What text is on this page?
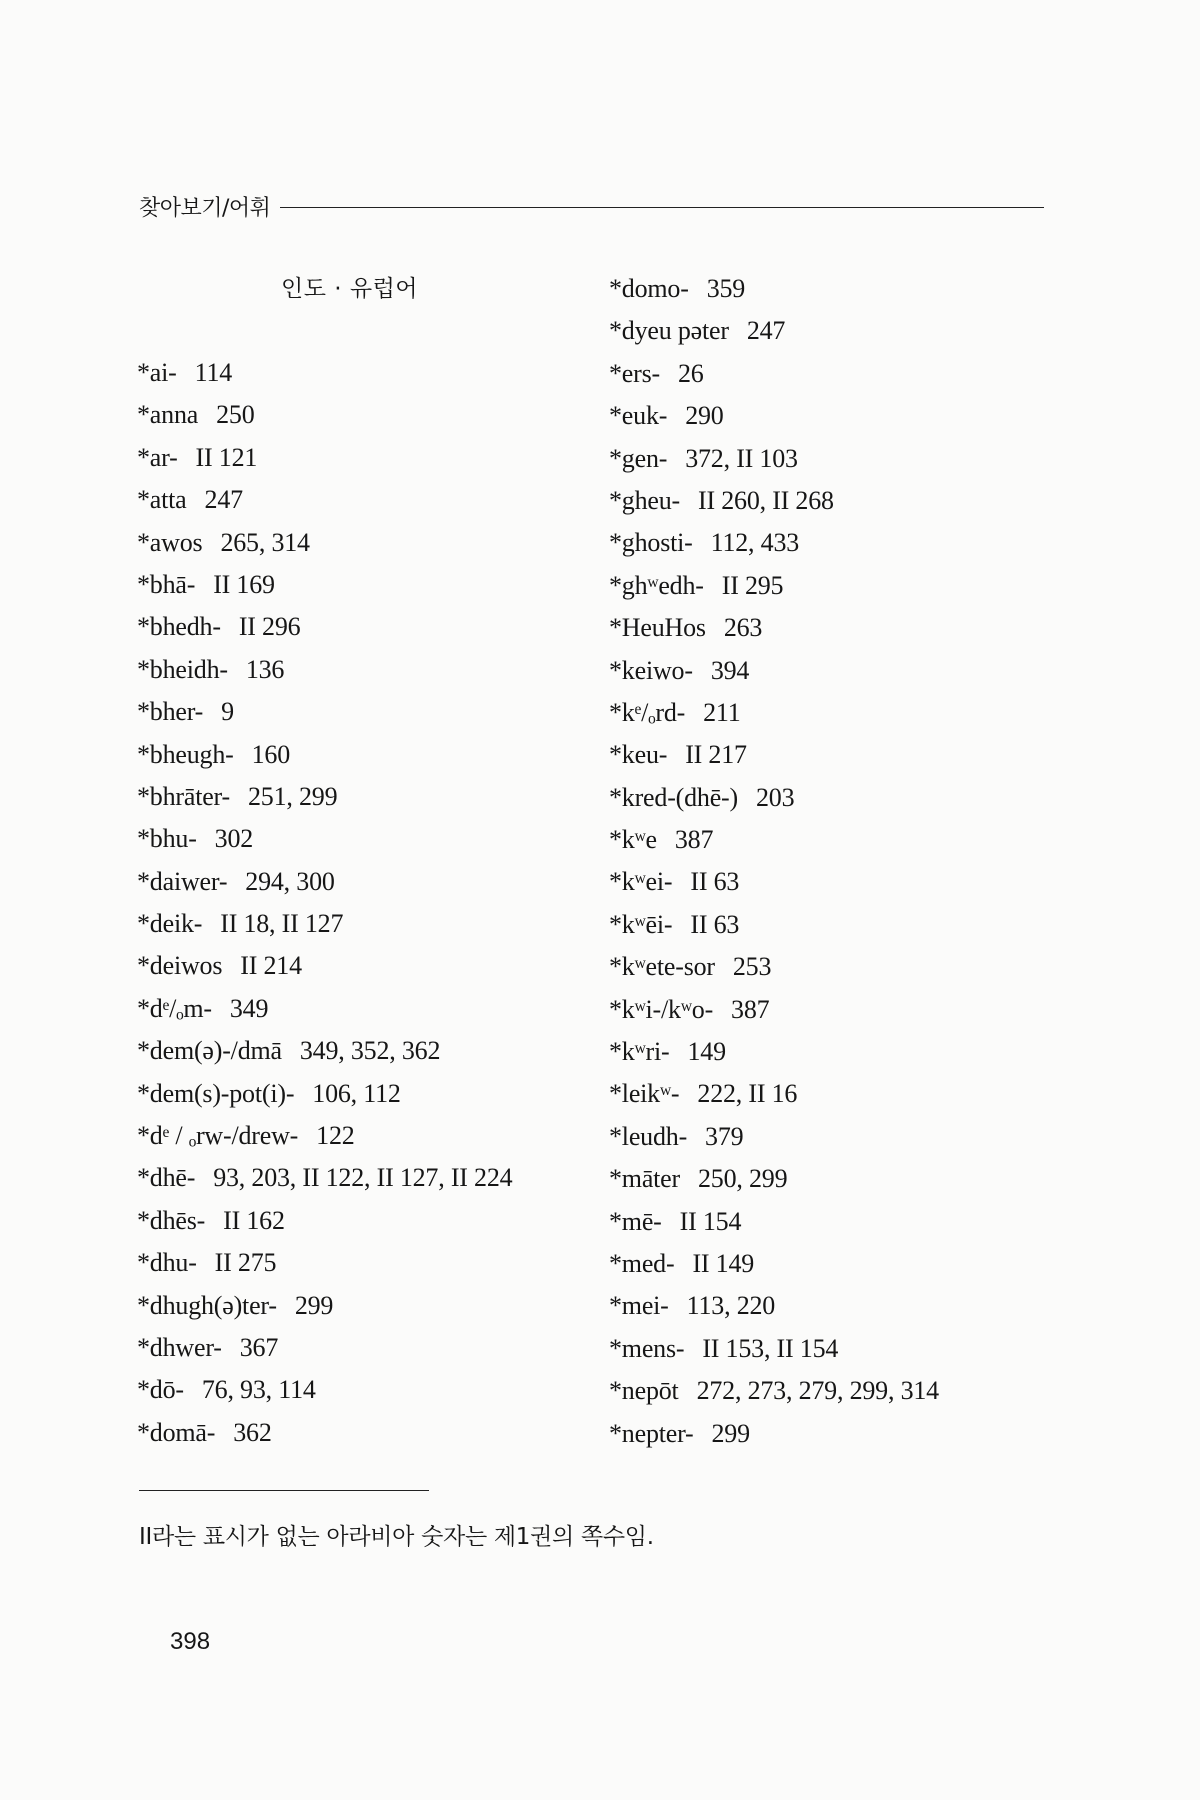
찾아보기/어휘
인도 · 유럽어
*ai- 114
*anna 250
*ar- II 121
*atta 247
*awos 265, 314
*bhā- II 169
*bhedh- II 296
*bheidh- 136
*bher- 9
*bheugh- 160
*bhrāter- 251, 299
*bhu- 302
*daiwer- 294, 300
*deik- II 18, II 127
*deiwos II 214
*dᵉ/ₒm- 349
*dem(ə)-/dmā 349, 352, 362
*dem(s)-pot(i)- 106, 112
*dᵉ / ₒrw-/drew- 122
*dhē- 93, 203, II 122, II 127, II 224
*dhēs- II 162
*dhu- II 275
*dhugh(ə)ter- 299
*dhwer- 367
*dō- 76, 93, 114
*domā- 362
*domo- 359
*dyeu pəter 247
*ers- 26
*euk- 290
*gen- 372, II 103
*gheu- II 260, II 268
*ghosti- 112, 433
*ghʷedh- II 295
*HeuHos 263
*keiwo- 394
*kᵉ/ₒrd- 211
*keu- II 217
*kred-(dhē-) 203
*kʷe 387
*kʷei- II 63
*kʷēi- II 63
*kʷete-sor 253
*kʷi-/kʷo- 387
*kʷri- 149
*leikʷ- 222, II 16
*leudh- 379
*māter 250, 299
*mē- II 154
*med- II 149
*mei- 113, 220
*mens- II 153, II 154
*nepōt 272, 273, 279, 299, 314
*nepter- 299
II라는 표시가 없는 아라비아 숫자는 제1권의 쪽수임.
398
